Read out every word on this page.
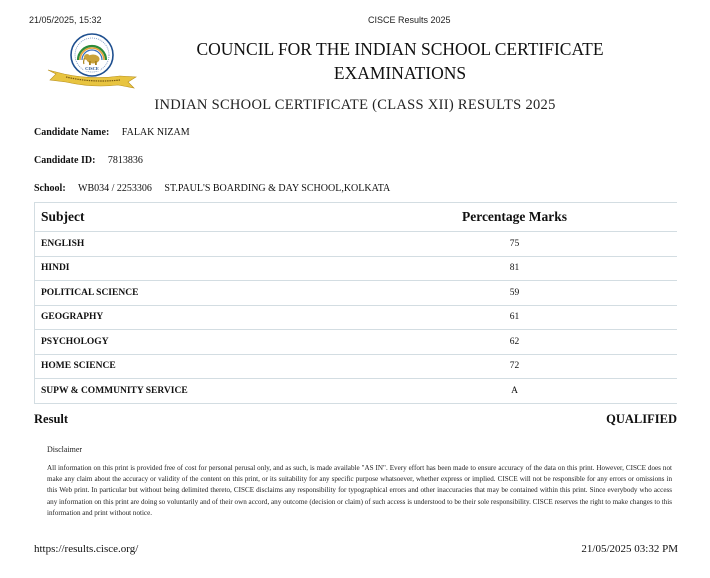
21/05/2025, 15:32	CISCE Results 2025
CISCE
COUNCIL FOR THE INDIAN SCHOOL CERTIFICATE
EXAMINATIONS
INDIAN SCHOOL CERTIFICATE (CLASS XII) RESULTS 2025
Candidate Name: FALAK NIZAM
Candidate ID: 7813836
School: WB034 / 2253306 ST.PAUL'S BOARDING & DAY SCHOOL,KOLKATA
Subject	Percentage Marks
ENGLISH	75
HINDI	81
POLITICAL SCIENCE	59
GEOGRAPHY	61
PSYCHOLOGY	62
HOME SCIENCE	72
SUPW & COMMUNITY SERVICE	A
Result	QUALIFIED
Disclaimer
All information on this print is provided free of cost for personal perusal only, and as such, is made available "AS IN". Every effort has been made to ensure accuracy of the data on this print. However, CISCE does not make any claim about the accuracy or validity of the content on this print, or its suitability for any specific purpose whatsoever, whether express or implied. CISCE will not be responsible for any errors or omissions in this Web print. In particular but without being delimited thereto, CISCE disclaims any responsibility for typographical errors and other inaccuracies that may be contained within this print. Since everybody who access any information on this print are doing so voluntarily and of their own accord, any outcome (decision or claim) of such access is understood to be their sole responsibility. CISCE reserves the right to make changes to this information and print without notice.
https://results.cisce.org/	21/05/2025 03:32 PM
